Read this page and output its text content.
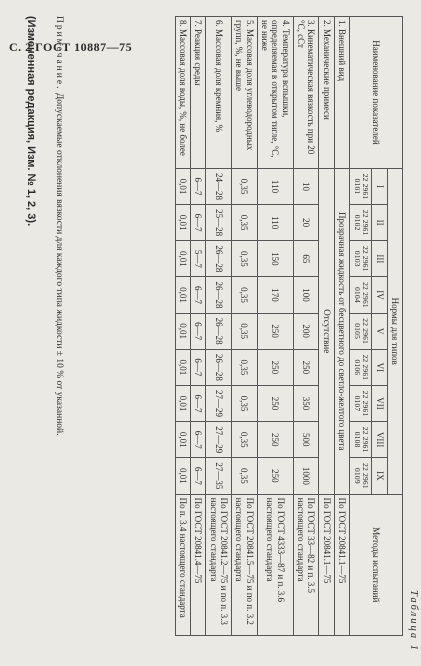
С. 2 ГОСТ 10887—75
Таблица 1
Наименование показателей	Нормы для типов									Методы испытаний
	I	II	III	IV	V	VI	VII	VIII	IX	
	22 2961 0101	22 2961 0102	22 2961 0103	22 2961 0104	22 2961 0105	22 2961 0106	22 2961 0107	22 2961 0108	22 2961 0109	
1. Внешний вид	Прозрачная жидкость от бесцветного до светло-желтого цвета									По ГОСТ 20841.1—75
2. Механические примеси	Отсутствие									По ГОСТ 20841.1—75
3. Кинематическая вязкость при 20 °С, сСт	10	20	65	100	200	250	350	500	1000	По ГОСТ 33—82 и п. 3.5 настоящего стандарта
4. Температура вспышки, определяемая в открытом тигле, °С, не ниже	110	110	150	170	250	250	250	250	250	По ГОСТ 4333—87 и п. 3.6 настоящего стандарта
5. Массовая доля углеводородных групп, %, не выше	0,35	0,35	0,35	0,35	0,35	0,35	0,35	0,35	0,35	По ГОСТ 20841.5—75 и по п. 3.2 настоящего стандарта
6. Массовая доля кремния, %	24—28	25—28	26—28	26—28	26—28	26—28	27—29	27—29	27—35	По ГОСТ 20841.2—75 и по п. 3.3 настоящего стандарта
7. Реакция среды	6—7	6—7	5—7	6—7	6—7	6—7	6—7	6—7	6—7	По ГОСТ 20841.4—75
8. Массовая доля воды, %, не более	0,01	0,01	0,01	0,01	0,01	0,01	0,01	0,01	0,01	По п. 3.4 настоящего стандарта
Примечание. Допускаемые отклонения вязкости для каждого типа жидкости ± 10 % от указанной.
(Измененная редакция, Изм. № 1, 2, 3).
